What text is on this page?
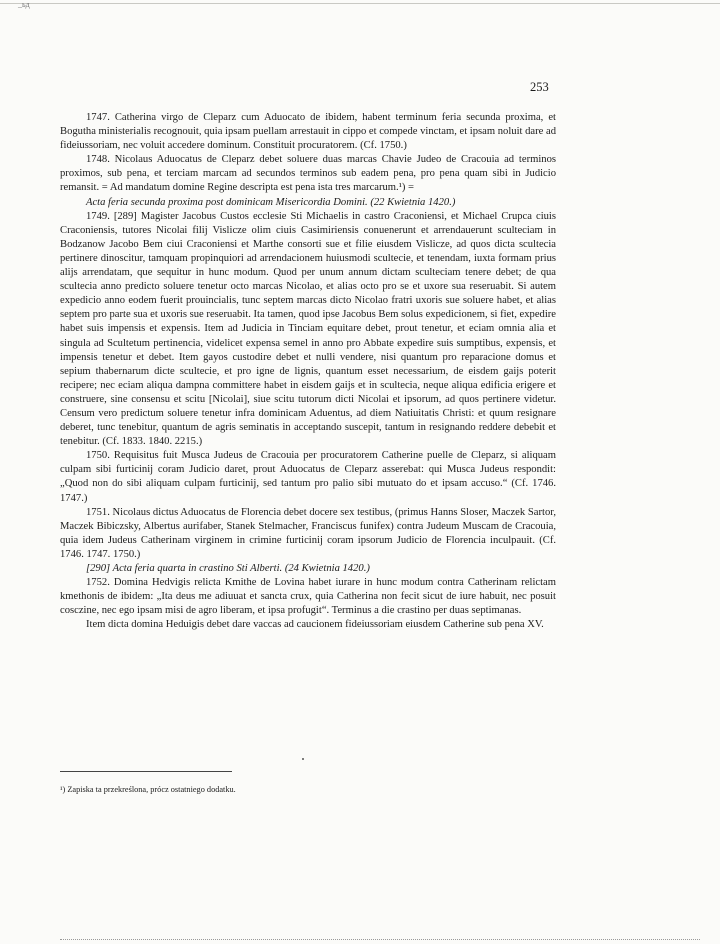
_ьд
253

1747. Catherina virgo de Cleparz cum Aduocato de ibidem, habent terminum feria secunda proxima, et Bogutha ministerialis recognouit, quia ipsam puellam arrestauit in cippo et compede vinctam, et ipsam noluit dare ad fideiussoriam, nec voluit accedere dominum. Constituit procuratorem. (Cf. 1750.)

1748. Nicolaus Aduocatus de Cleparz debet soluere duas marcas Chavie Judeo de Cracouia ad terminos proximos, sub pena, et terciam marcam ad secundos terminos sub eadem pena, pro pena quam sibi in Judicio remansit. = Ad mandatum domine Regine descripta est pena ista tres marcarum.¹) =

Acta feria secunda proxima post dominicam Misericordia Domini. (22 Kwietnia 1420.)

1749. [289] Magister Jacobus Custos ecclesie Sti Michaelis in castro Craconiensi, et Michael Crupca ciuis Craconiensis, tutores Nicolai filij Vislicze olim ciuis Casimiriensis conuenerunt et arrendauerunt sculteciam in Bodzanow Jacobo Bem ciui Craconiensi et Marthe consorti sue et filie eiusdem Vislicze, ad quos dicta scultecia pertinere dinoscitur, tamquam propinquiori ad arrendacionem huiusmodi scultecie, et tenendam, iuxta formam prius alijs arrendatam, que sequitur in hunc modum. Quod per unum annum dictam sculteciam tenere debet; de qua scultecia anno predicto soluere tenetur octo marcas Nicolao, et alias octo pro se et uxore sua reseruabit. Si autem expedicio anno eodem fuerit prouincialis, tunc septem marcas dicto Nicolao fratri uxoris sue soluere habet, et alias septem pro parte sua et uxoris sue reseruabit. Ita tamen, quod ipse Jacobus Bem solus expedicionem, si fiet, expedire habet suis impensis et expensis. Item ad Judicia in Tinciam equitare debet, prout tenetur, et eciam omnia alia et singula ad Scultetum pertinencia, videlicet expensa semel in anno pro Abbate expedire suis sumptibus, expensis, et impensis tenetur et debet. Item gayos custodire debet et nulli vendere, nisi quantum pro reparacione domus et sepium thabernarum dicte scultecie, et pro igne de lignis, quantum esset necessarium, de eisdem gaijs poterit recipere; nec eciam aliqua dampna committere habet in eisdem gaijs et in scultecia, neque aliqua edificia erigere et construere, sine consensu et scitu [Nicolai], siue scitu tutorum dicti Nicolai et ipsorum, ad quos pertinere videtur. Censum vero predictum soluere tenetur infra dominicam Aduentus, ad diem Natiuitatis Christi: et quum resignare deberet, tunc tenebitur, quantum de agris seminatis in acceptando suscepit, tantum in resignando reddere debebit et tenebitur. (Cf. 1833. 1840. 2215.)

1750. Requisitus fuit Musca Judeus de Cracouia per procuratorem Catherine puelle de Cleparz, si aliquam culpam sibi furticinij coram Judicio daret, prout Aduocatus de Cleparz asserebat: qui Musca Judeus respondit: „Quod non do sibi aliquam culpam furticinij, sed tantum pro palio sibi mutuato do et ipsam accuso.“ (Cf. 1746. 1747.)

1751. Nicolaus dictus Aduocatus de Florencia debet docere sex testibus, (primus Hanns Sloser, Maczek Sartor, Maczek Bibiczsky, Albertus aurifaber, Stanek Stelmacher, Franciscus funifex) contra Judeum Muscam de Cracouia, quia idem Judeus Catherinam virginem in crimine furticinij coram ipsorum Judicio de Florencia inculpauit. (Cf. 1746. 1747. 1750.)

[290] Acta feria quarta in crastino Sti Alberti. (24 Kwietnia 1420.)

1752. Domina Hedvigis relicta Kmithe de Lovina habet iurare in hunc modum contra Catherinam relictam kmethonis de ibidem: „Ita deus me adiuuat et sancta crux, quia Catherina non fecit sicut de iure habuit, nec posuit cosczine, nec ego ipsam misi de agro liberam, et ipsa profugit“. Terminus a die crastino per duas septimanas.

Item dicta domina Heduigis debet dare vaccas ad caucionem fideiussoriam eiusdem Catherine sub pena XV.

¹) Zapiska ta przekreślona, prócz ostatniego dodatku.
